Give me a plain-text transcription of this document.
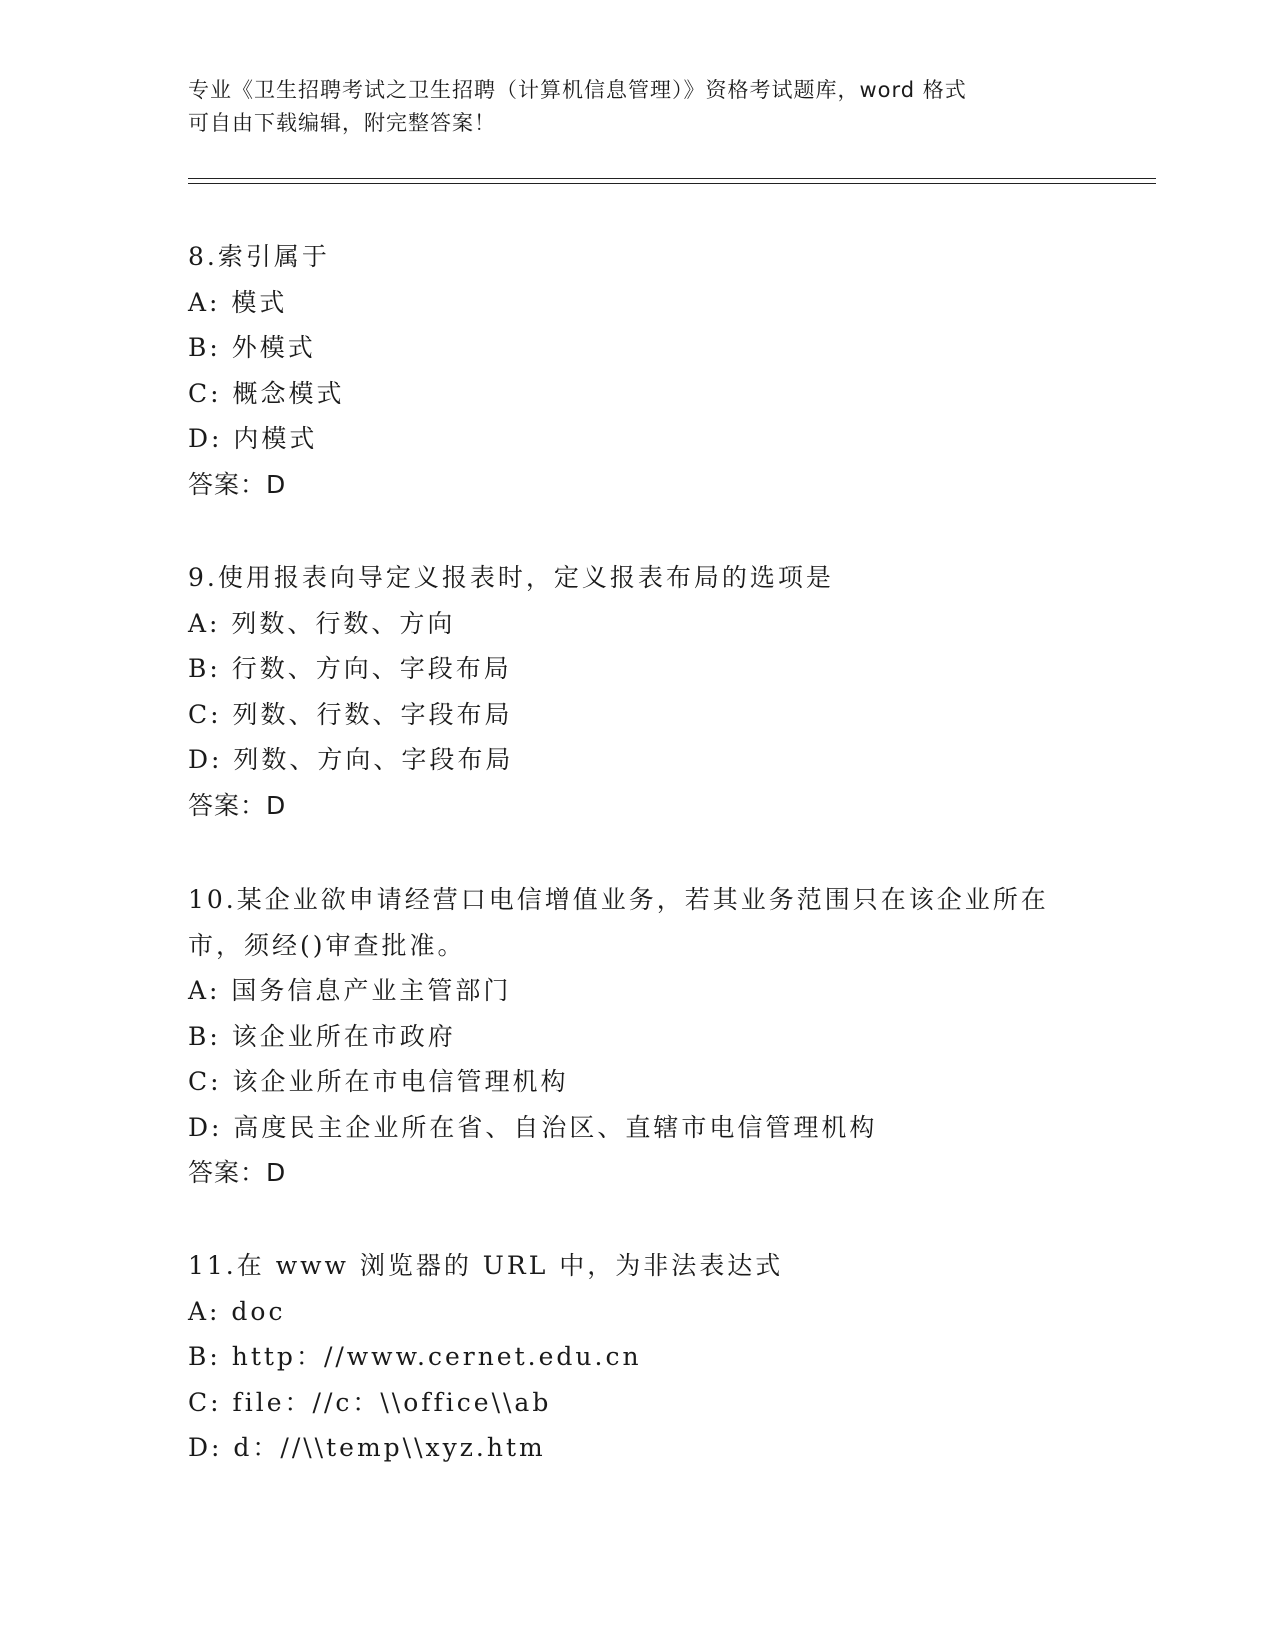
专业《卫生招聘考试之卫生招聘（计算机信息管理）》资格考试题库，word 格式
可自由下载编辑，附完整答案！
8.索引属于
A: 模式
B: 外模式
C: 概念模式
D: 内模式
答案：D
9.使用报表向导定义报表时，定义报表布局的选项是
A: 列数、行数、方向
B: 行数、方向、字段布局
C: 列数、行数、字段布局
D: 列数、方向、字段布局
答案：D
10.某企业欲申请经营口电信增值业务，若其业务范围只在该企业所在
市，须经()审查批准。
A: 国务信息产业主管部门
B: 该企业所在市政府
C: 该企业所在市电信管理机构
D: 高度民主企业所在省、自治区、直辖市电信管理机构
答案：D
11.在 www 浏览器的 URL 中，为非法表达式
A: doc
B: http：//www.cernet.edu.cn
C: file：//c：\\office\\ab
D: d：//\\temp\\xyz.htm
